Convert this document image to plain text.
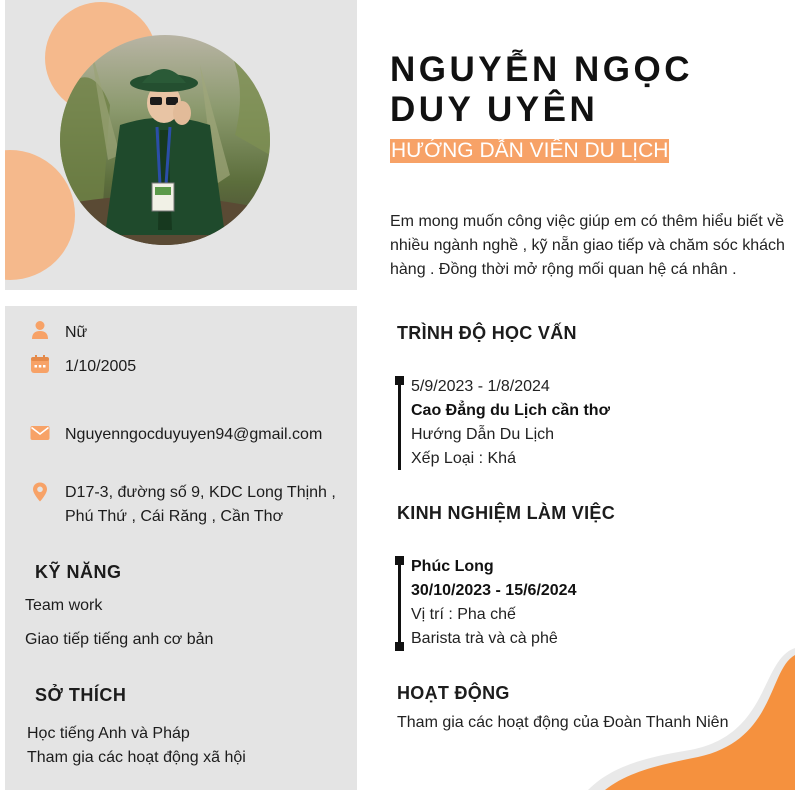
Nữ
1/10/2005
Nguyenngocduyuyen94@gmail.com
D17-3, đường số 9, KDC Long Thịnh , Phú Thứ , Cái Răng , Cần Thơ
KỸ NĂNG
Team work
Giao tiếp tiếng anh cơ bản
SỞ THÍCH
Học tiếng Anh và Pháp
Tham gia các hoạt động xã hội
NGUYỄN NGỌC
DUY UYÊN
HƯỚNG DẪN VIÊN DU LỊCH
Em mong muốn công việc giúp em có thêm hiểu biết về nhiều ngành nghề , kỹ nẵn giao tiếp và chăm sóc khách hàng . Đồng thời mở rộng mối quan hệ cá nhân .
TRÌNH ĐỘ HỌC VẤN
5/9/2023 - 1/8/2024
Cao Đẳng du Lịch cần thơ
Hướng Dẫn Du Lịch
Xếp Loại : Khá
KINH NGHIỆM LÀM VIỆC
Phúc Long
30/10/2023 - 15/6/2024
Vị trí : Pha chế
Barista trà và cà phê
HOẠT ĐỘNG
Tham gia các hoạt động của Đoàn Thanh Niên
